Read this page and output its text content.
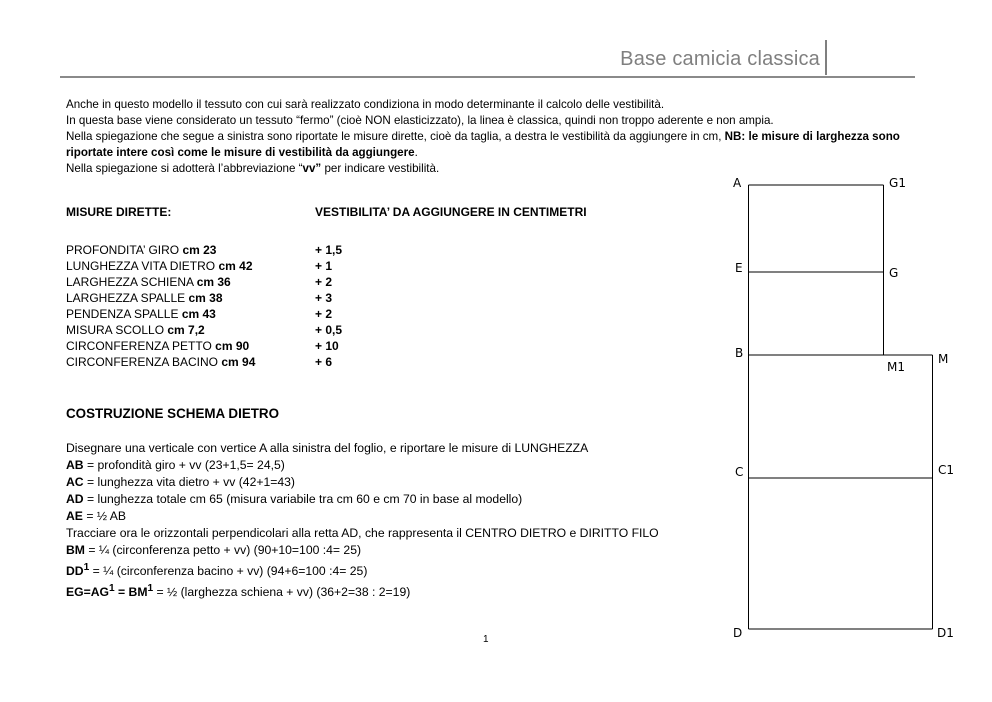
Base camicia classica

Anche in questo modello il tessuto con cui sarà realizzato condiziona in modo determinante il calcolo delle vestibilità.

In questa base viene considerato un tessuto “fermo” (cioè NON elasticizzato), la linea è classica, quindi non troppo aderente e non ampia.

Nella spiegazione che segue a sinistra sono riportate le misure dirette, cioè da taglia, a destra le vestibilità da aggiungere in cm, NB: le misure di larghezza sono riportate intere così come le misure di vestibilità da aggiungere.

Nella spiegazione si adotterà l’abbreviazione “vv” per indicare vestibilità.

MISURE DIRETTE:	VESTIBILITA’ DA AGGIUNGERE IN CENTIMETRI
PROFONDITA’ GIRO cm 23	+ 1,5
LUNGHEZZA VITA DIETRO cm 42	+ 1
LARGHEZZA SCHIENA cm 36	+ 2
LARGHEZZA SPALLE cm 38	+ 3
PENDENZA SPALLE cm 43	+ 2
MISURA SCOLLO cm 7,2	+ 0,5
CIRCONFERENZA PETTO cm 90	+ 10
CIRCONFERENZA BACINO cm 94	+ 6
COSTRUZIONE SCHEMA DIETRO

Disegnare una verticale con vertice A alla sinistra del foglio, e riportare le misure di LUNGHEZZA

AB = profondità giro + vv (23+1,5= 24,5)

AC = lunghezza vita dietro + vv (42+1=43)

AD = lunghezza totale cm 65 (misura variabile tra cm 60 e cm 70 in base al modello)

AE = ½ AB

Tracciare ora le orizzontali perpendicolari alla retta AD, che rappresenta il CENTRO DIETRO e DIRITTO FILO

BM = ¼ (circonferenza petto + vv) (90+10=100 :4= 25)

$DD^1$ = ¼ (circonferenza bacino + vv) (94+6=100 :4= 25)

$EG=AG^1 = BM^1$ = ½ (larghezza schiena + vv) (36+2=38 : 2=19)

1
A	G1
E	G
B
M1
M
C	C1
D	D1
